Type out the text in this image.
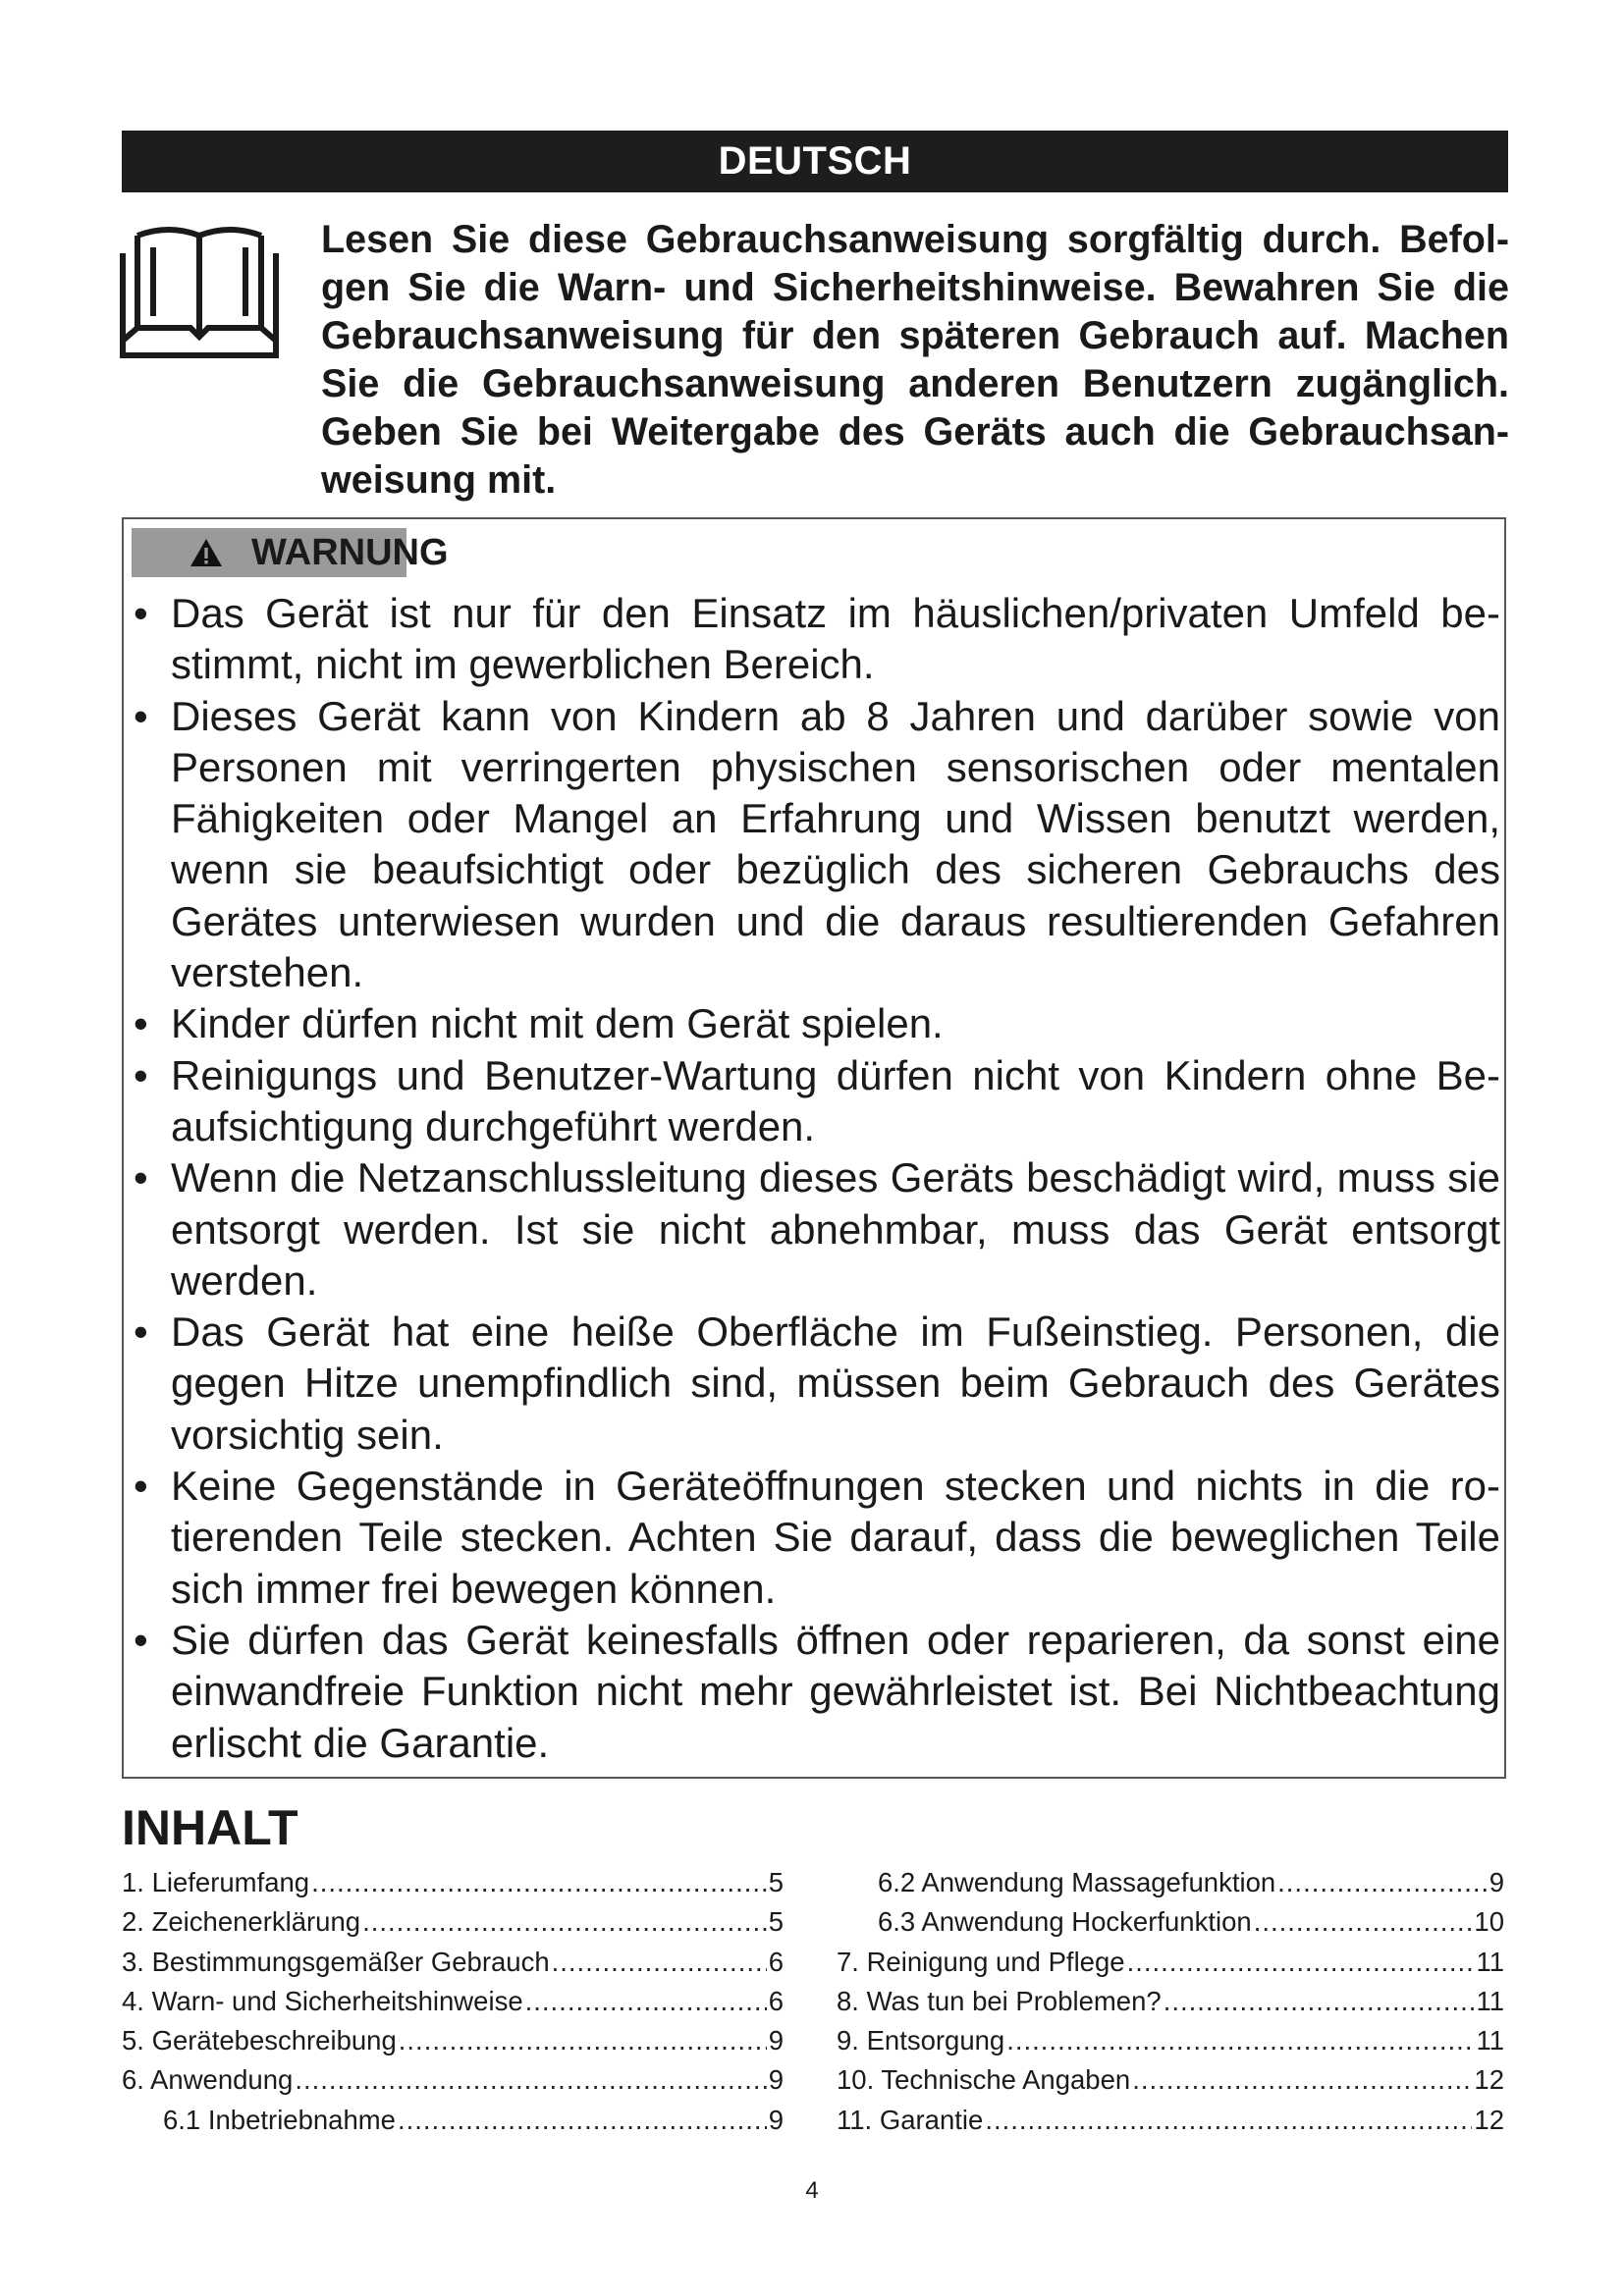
DEUTSCH
Lesen Sie diese Gebrauchsanweisung sorgfältig durch. Befolgen Sie die Warn- und Sicherheitshinweise. Bewahren Sie die Gebrauchsanweisung für den späteren Gebrauch auf. Machen Sie die Gebrauchsanweisung anderen Benutzern zugänglich. Geben Sie bei Weitergabe des Geräts auch die Gebrauchsanweisung mit.
WARNUNG
• Das Gerät ist nur für den Einsatz im häuslichen/privaten Umfeld bestimmt, nicht im gewerblichen Bereich.
• Dieses Gerät kann von Kindern ab 8 Jahren und darüber sowie von Personen mit verringerten physischen sensorischen oder mentalen Fähigkeiten oder Mangel an Erfahrung und Wissen benutzt werden, wenn sie beaufsichtigt oder bezüglich des sicheren Gebrauchs des Gerätes unterwiesen wurden und die daraus resultierenden Gefahren verstehen.
• Kinder dürfen nicht mit dem Gerät spielen.
• Reinigungs und Benutzer-Wartung dürfen nicht von Kindern ohne Beaufsichtigung durchgeführt werden.
• Wenn die Netzanschlussleitung dieses Geräts beschädigt wird, muss sie entsorgt werden. Ist sie nicht abnehmbar, muss das Gerät entsorgt werden.
• Das Gerät hat eine heiße Oberfläche im Fußeinstieg. Personen, die gegen Hitze unempfindlich sind, müssen beim Gebrauch des Gerätes vorsichtig sein.
• Keine Gegenstände in Geräteöffnungen stecken und nichts in die rotierenden Teile stecken. Achten Sie darauf, dass die beweglichen Teile sich immer frei bewegen können.
• Sie dürfen das Gerät keinesfalls öffnen oder reparieren, da sonst eine einwandfreie Funktion nicht mehr gewährleistet ist. Bei Nichtbeachtung erlischt die Garantie.
INHALT
1. Lieferumfang .....	5
2. Zeichenerklärung .....	5
3. Bestimmungsgemäßer Gebrauch .....	6
4. Warn- und Sicherheitshinweise .....	6
5. Gerätebeschreibung .....	9
6. Anwendung .....	9
6.1 Inbetriebnahme .....	9
6.2 Anwendung Massagefunktion .....	9
6.3 Anwendung Hockerfunktion .....	10
7. Reinigung und Pflege .....	11
8. Was tun bei Problemen? .....	11
9. Entsorgung .....	11
10. Technische Angaben .....	12
11. Garantie .....	12
4
